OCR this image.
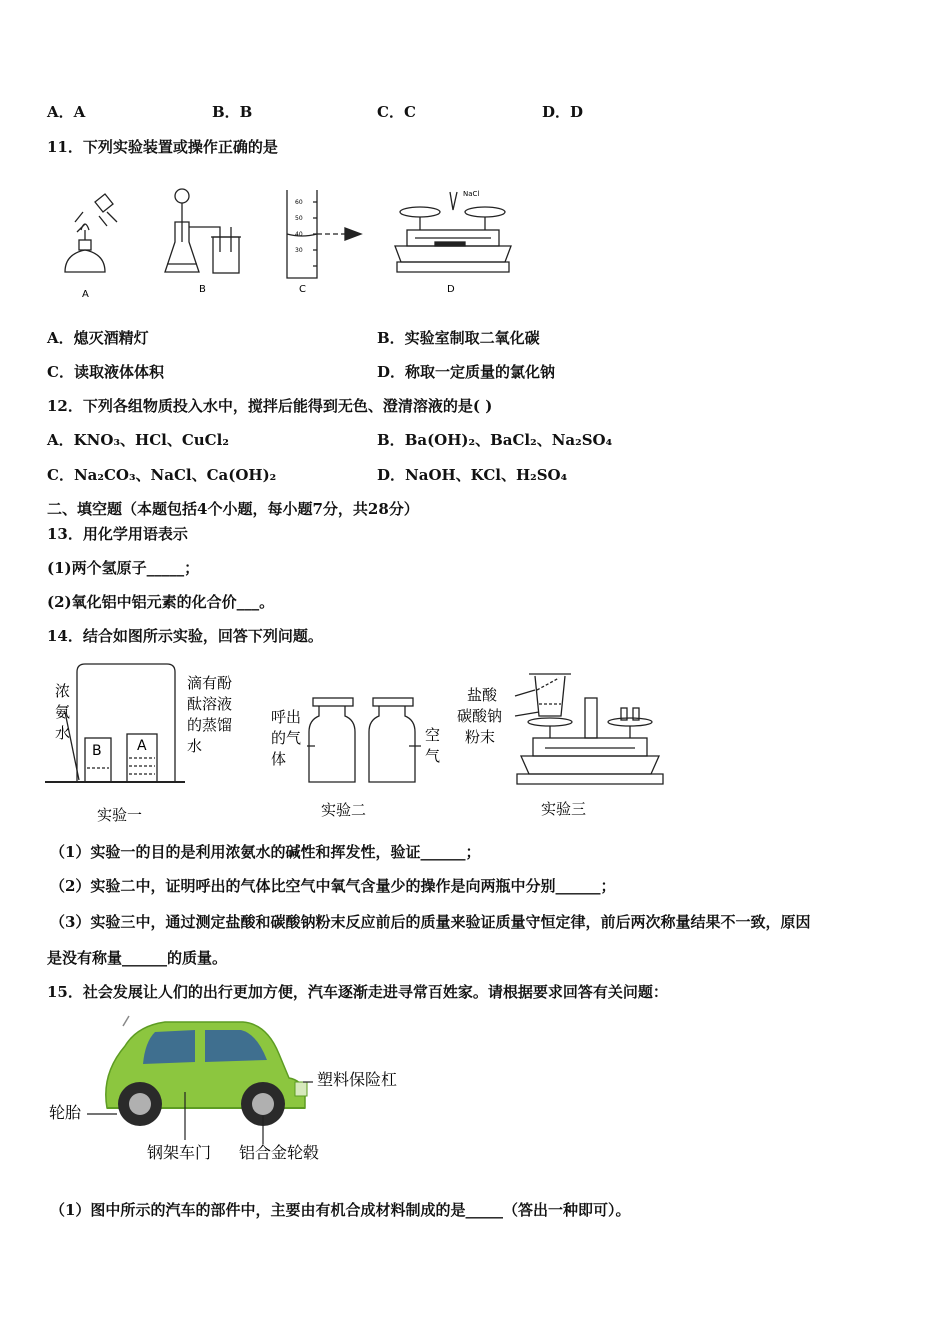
A．A	B．B	C．C	D．D
11．下列实验装置或操作正确的是
A	B
60
50
40
30
C
NaCl
D
A．熄灭酒精灯	B．实验室制取二氧化碳
C．读取液体体积	D．称取一定质量的氯化钠
12．下列各组物质投入水中，搅拌后能得到无色、澄清溶液的是( )
A．KNO₃、HCl、CuCl₂	B．Ba(OH)₂、BaCl₂、Na₂SO₄
C．Na₂CO₃、NaCl、Ca(OH)₂	D．NaOH、KCl、H₂SO₄
二、填空题（本题包括4个小题，每小题7分，共28分）
13．用化学用语表示
(1)两个氢原子_____；
(2)氧化铝中铝元素的化合价___。
14．结合如图所示实验，回答下列问题。
浓
氨
水
B	A
滴有酚
酞溶液
的蒸馏
水
实验一
呼出
的气
体
空
气
实验二
盐酸
碳酸钠
粉末
实验三
（1）实验一的目的是利用浓氨水的碱性和挥发性，验证______；
（2）实验二中，证明呼出的气体比空气中氧气含量少的操作是向两瓶中分别______；
（3）实验三中，通过测定盐酸和碳酸钠粉末反应前后的质量来验证质量守恒定律，前后两次称量结果不一致，原因
是没有称量______的质量。
15．社会发展让人们的出行更加方便，汽车逐渐走进寻常百姓家。请根据要求回答有关问题：
塑料保险杠
轮胎
钢架车门 铝合金轮毂
（1）图中所示的汽车的部件中，主要由有机合成材料制成的是_____（答出一种即可）。
